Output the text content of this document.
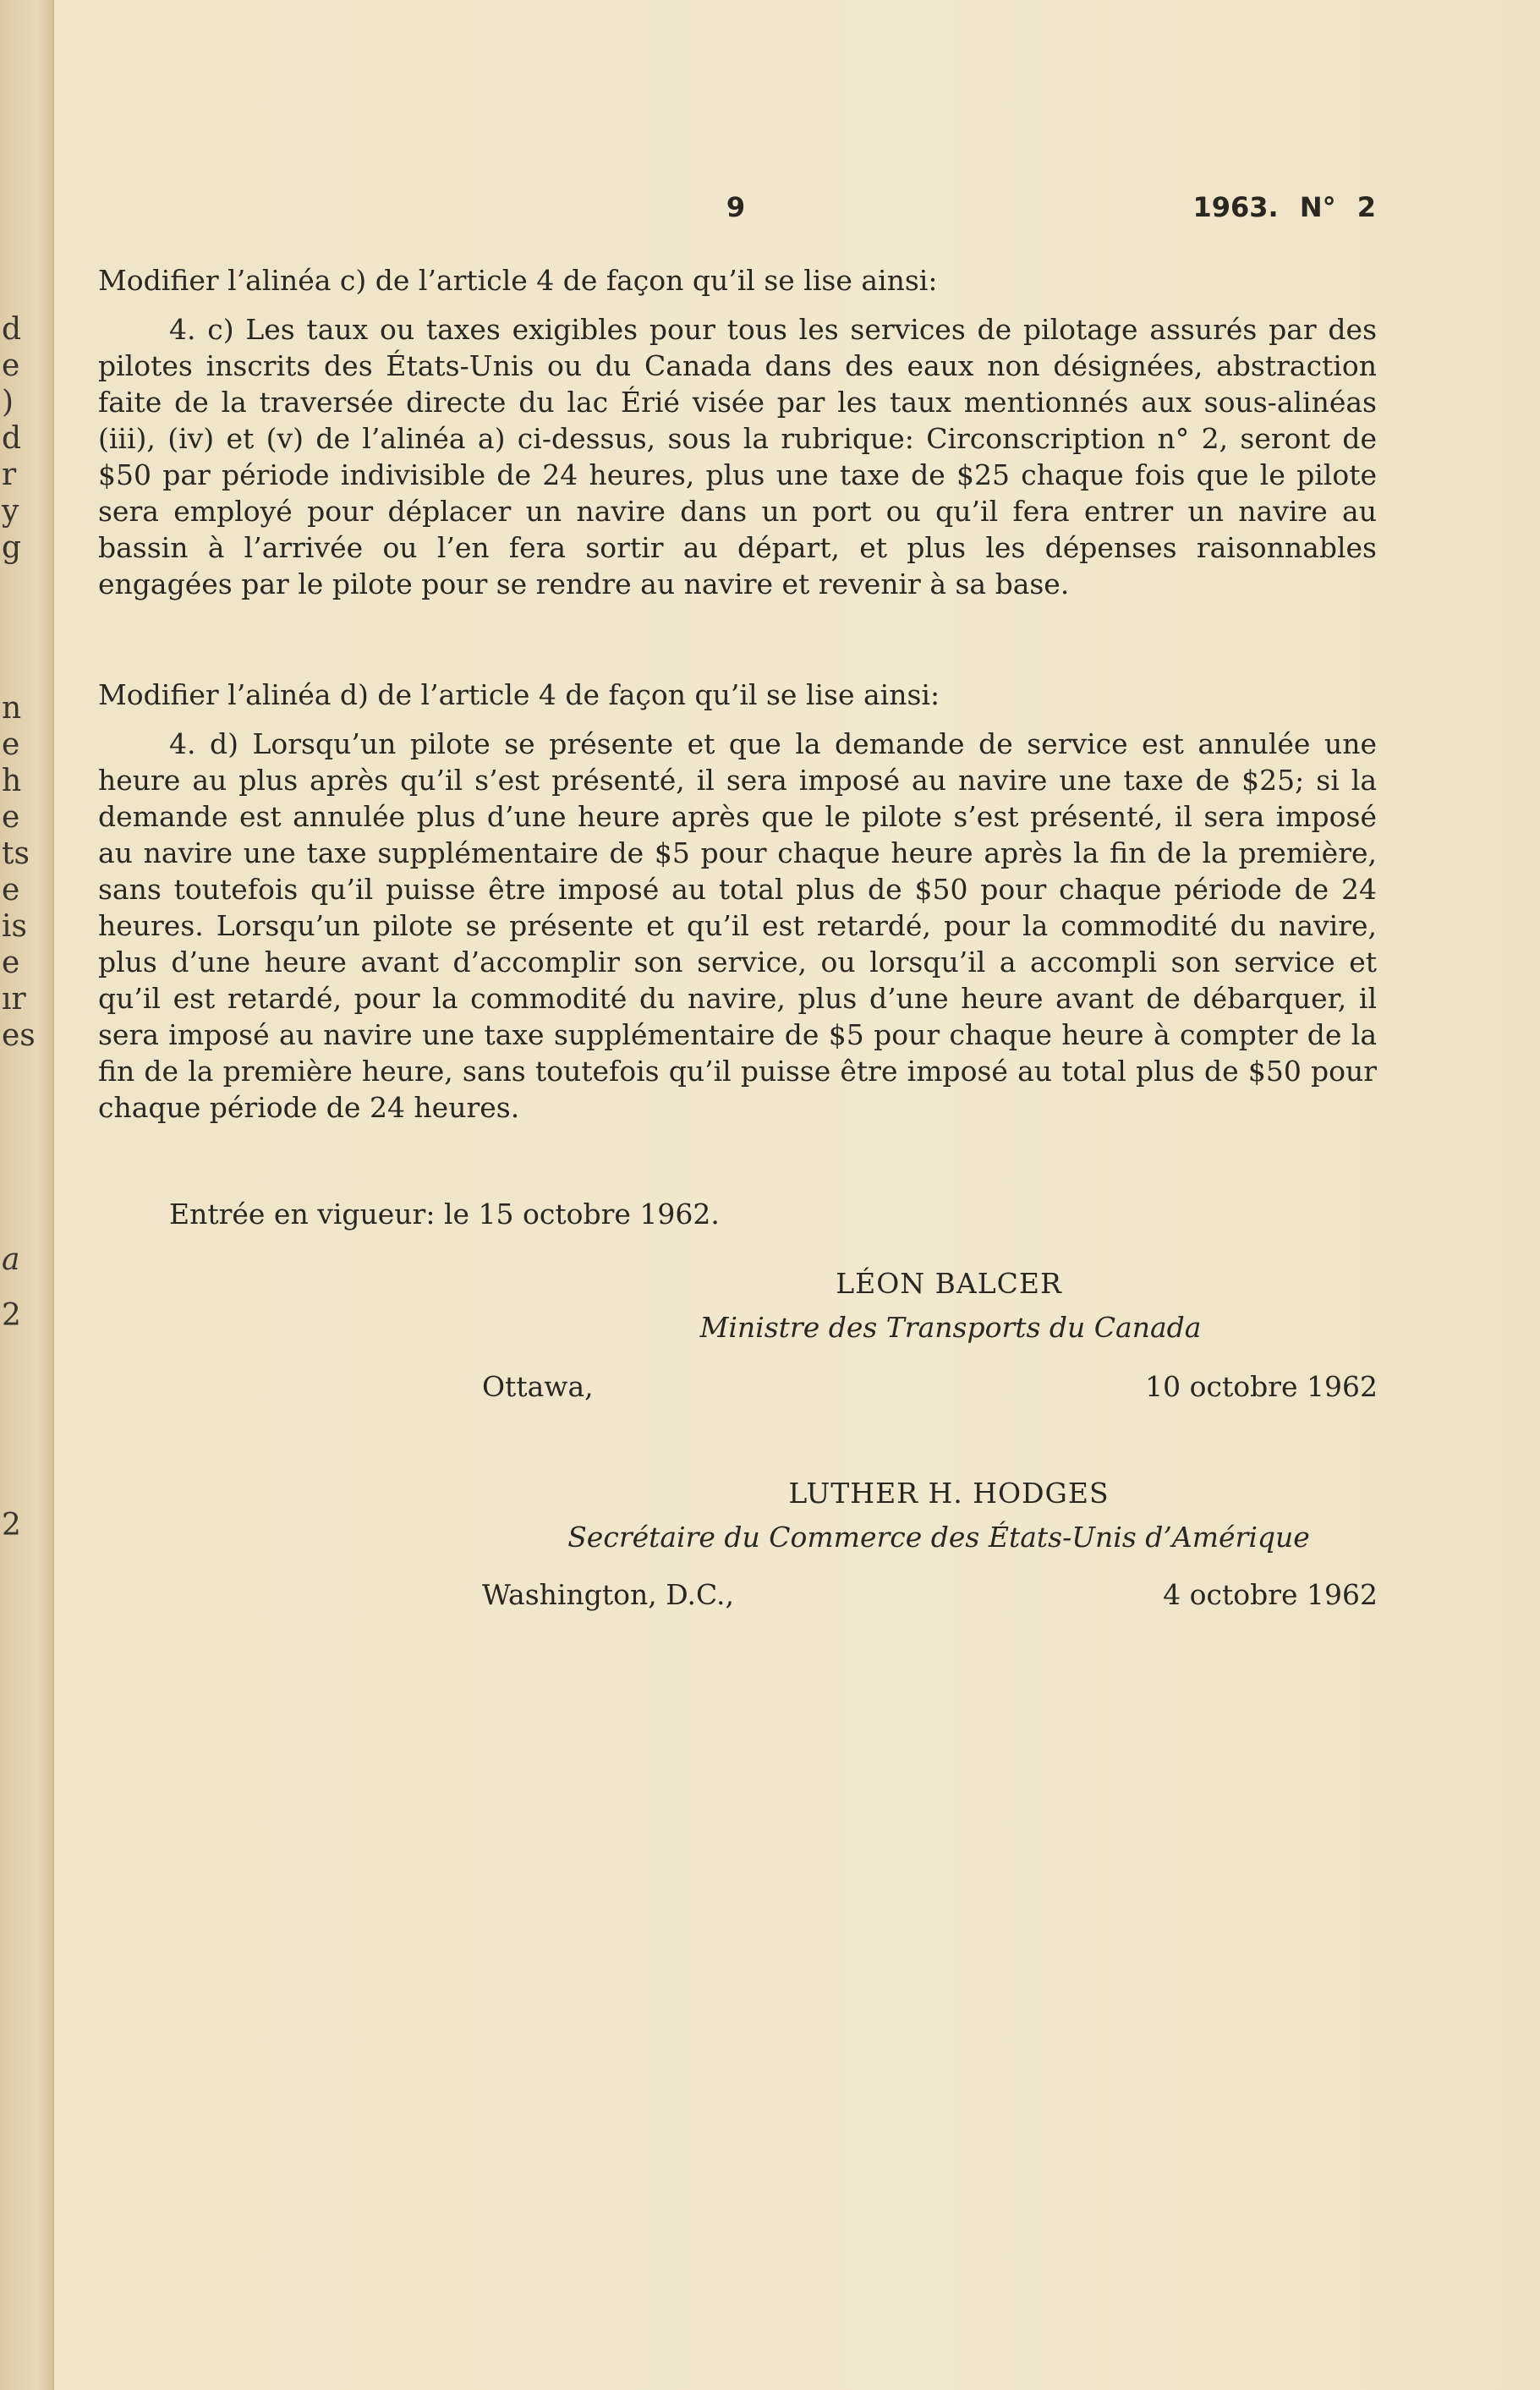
d
e
)
d
r
y
g
n
e
h
e
ts
e
is
e
ır
es
a
2
2
9	1963. N° 2
Modifier l’alinéa c) de l’article 4 de façon qu’il se lise ainsi:

4. c) Les taux ou taxes exigibles pour tous les services de pilotage assurés par des pilotes inscrits des États-Unis ou du Canada dans des eaux non désignées, abstraction faite de la traversée directe du lac Érié visée par les taux mentionnés aux sous-alinéas (iii), (iv) et (v) de l’alinéa a) ci-dessus, sous la rubrique: Circonscription n° 2, seront de $50 par période indivisible de 24 heures, plus une taxe de $25 chaque fois que le pilote sera employé pour déplacer un navire dans un port ou qu’il fera entrer un navire au bassin à l’arrivée ou l’en fera sortir au départ, et plus les dépenses raisonnables engagées par le pilote pour se rendre au navire et revenir à sa base.

Modifier l’alinéa d) de l’article 4 de façon qu’il se lise ainsi:

4. d) Lorsqu’un pilote se présente et que la demande de service est annulée une heure au plus après qu’il s’est présenté, il sera imposé au navire une taxe de $25; si la demande est annulée plus d’une heure après que le pilote s’est présenté, il sera imposé au navire une taxe supplémentaire de $5 pour chaque heure après la fin de la première, sans toutefois qu’il puisse être imposé au total plus de $50 pour chaque période de 24 heures. Lorsqu’un pilote se présente et qu’il est retardé, pour la commodité du navire, plus d’une heure avant d’accomplir son service, ou lorsqu’il a accompli son service et qu’il est retardé, pour la commodité du navire, plus d’une heure avant de débarquer, il sera imposé au navire une taxe supplémentaire de $5 pour chaque heure à compter de la fin de la première heure, sans toutefois qu’il puisse être imposé au total plus de $50 pour chaque période de 24 heures.

Entrée en vigueur: le 15 octobre 1962.
LÉON BALCER
Ministre des Transports du Canada
Ottawa,	10 octobre 1962
LUTHER H. HODGES
Secrétaire du Commerce des États-Unis d’Amérique
Washington, D.C.,	4 octobre 1962
